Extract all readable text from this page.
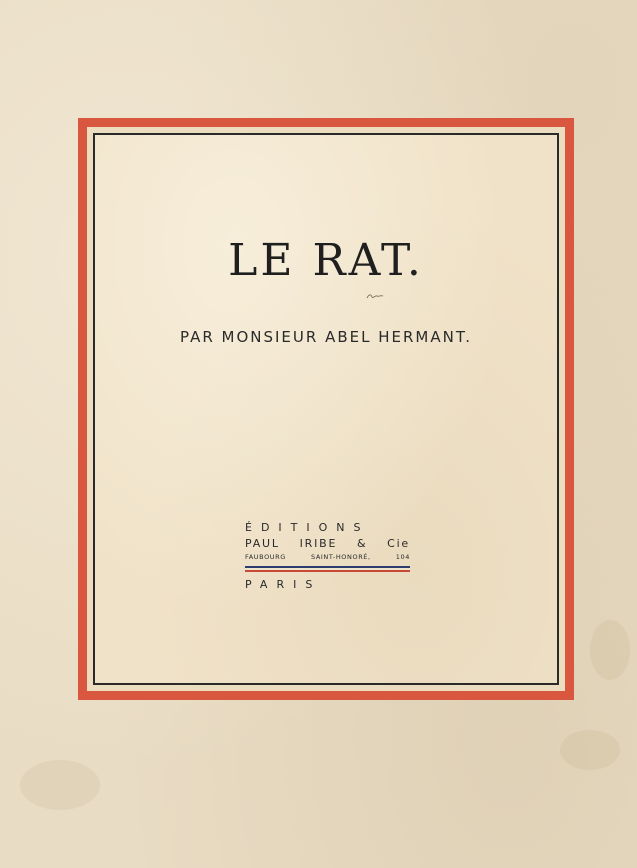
LE RAT.

PAR MONSIEUR ABEL HERMANT.

ÉDITIONS

PAUL IRIBE & Cie

FAUBOURG SAINT-HONORÉ, 104

PARIS
